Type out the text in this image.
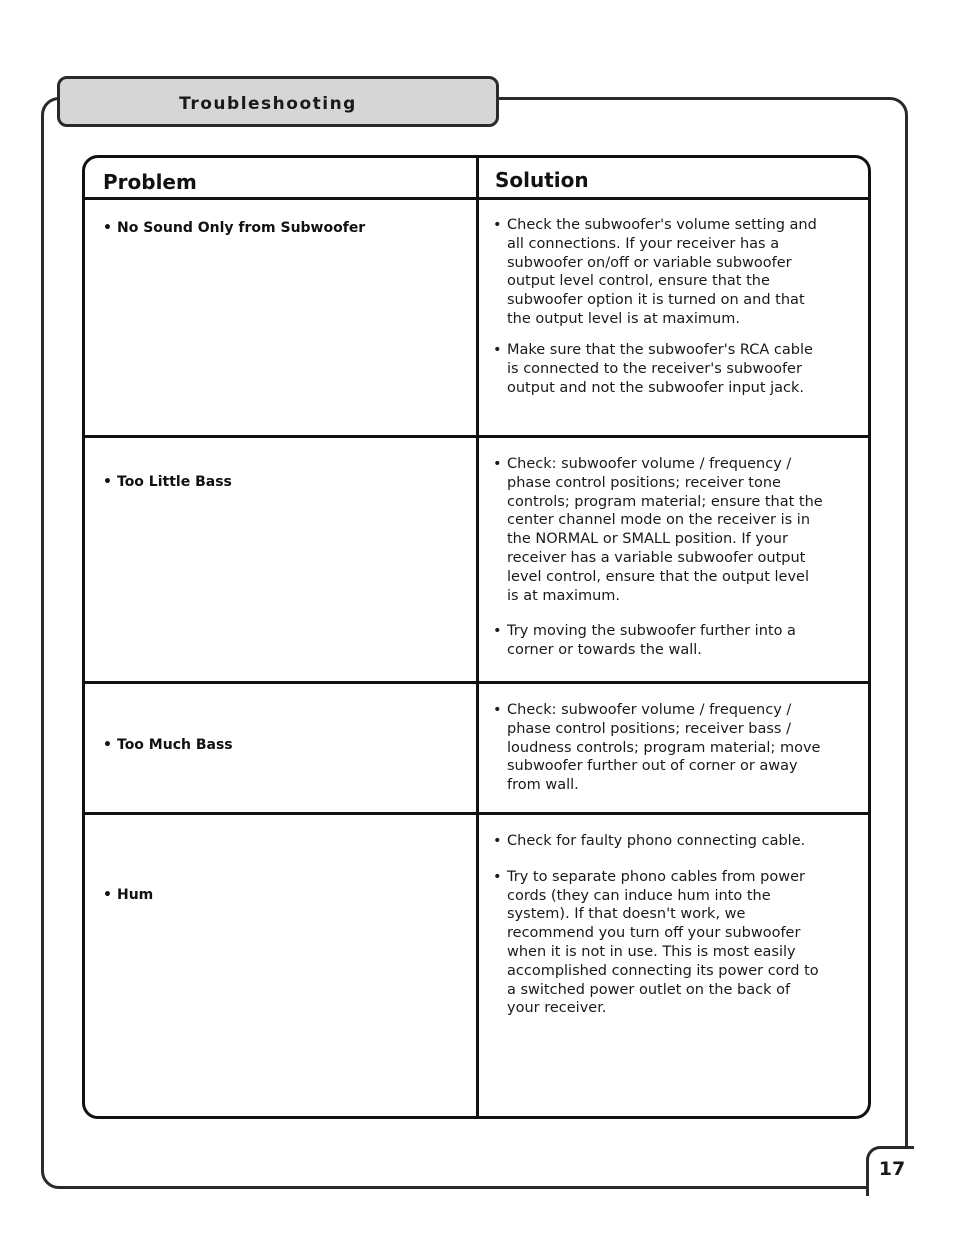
17
Troubleshooting
Problem	Solution
• No Sound Only from Subwoofer

•	Check the subwoofer's volume setting and all connections. If your receiver has a subwoofer on/off or variable subwoofer output level control, ensure that the subwoofer option it is turned on and that the output level is at maximum.

• Make sure that the subwoofer's RCA cable is connected to the receiver's subwoofer output and not the subwoofer input jack.

• Too Little Bass

• Check: subwoofer volume / frequency / phase control positions; receiver tone controls; program material; ensure that the center channel mode on the receiver is in the NORMAL or SMALL position. If your receiver has a variable subwoofer output level control, ensure that the output level is at maximum.

• Try moving the subwoofer further into a corner or towards the wall.

• Too Much Bass

• Check: subwoofer volume / frequency / phase control positions; receiver bass / loudness controls; program material; move subwoofer further out of corner or away from wall.

• Hum

• Check for faulty phono connecting cable.

• Try to separate phono cables from power cords (they can induce hum into the system). If that doesn't work, we recommend you turn off your subwoofer when it is not in use. This is most easily accomplished connecting its power cord to a switched power outlet on the back of your receiver.
